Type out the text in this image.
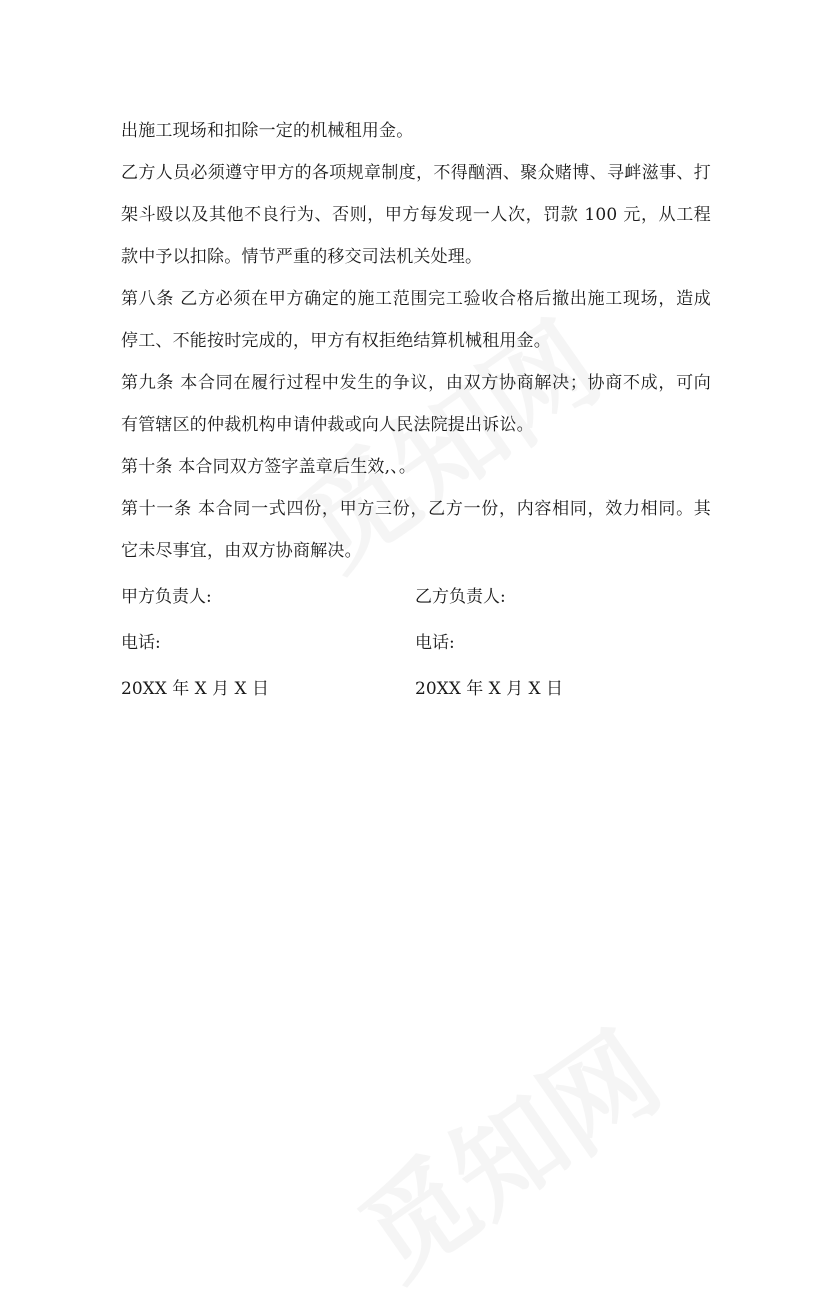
出施工现场和扣除一定的机械租用金。

乙方人员必须遵守甲方的各项规章制度，不得酗酒、聚众赌博、寻衅滋事、打架斗殴以及其他不良行为、否则，甲方每发现一人次，罚款 100 元，从工程款中予以扣除。情节严重的移交司法机关处理。

第八条 乙方必须在甲方确定的施工范围完工验收合格后撤出施工现场，造成停工、不能按时完成的，甲方有权拒绝结算机械租用金。

第九条 本合同在履行过程中发生的争议，由双方协商解决；协商不成，可向有管辖区的仲裁机构申请仲裁或向人民法院提出诉讼。

第十条 本合同双方签字盖章后生效,、。

第十一条 本合同一式四份，甲方三份，乙方一份，内容相同，效力相同。其它未尽事宜，由双方协商解决。

甲方负责人:	乙方负责人:
电话:	电话:
20XX 年 X 月 X 日	20XX 年 X 月 X 日
